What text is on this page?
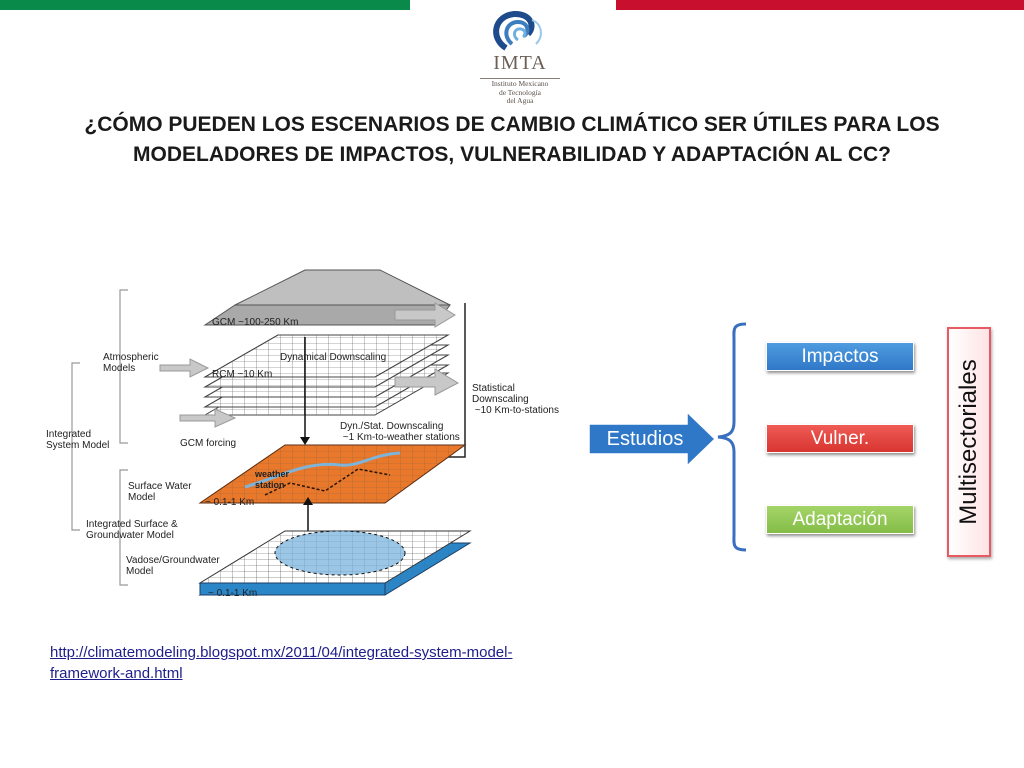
IMTA
Instituto Mexicano
de Tecnología
del Agua
¿CÓMO PUEDEN LOS ESCENARIOS DE CAMBIO CLIMÁTICO SER ÚTILES PARA LOS MODELADORES DE IMPACTOS, VULNERABILIDAD Y ADAPTACIÓN AL CC?
GCM ~100-250 Km
Dynamical Downscaling
Atmospheric
Models
RCM ~10 Km
Statistical
Downscaling
~10 Km-to-stations
Integrated
System Model	GCM forcing
Dyn./Stat. Downscaling
~1 Km-to-weather stations
weather
station
Surface Water
Model	~ 0.1-1 Km
Integrated Surface &
Groundwater Model
Vadose/Groundwater
Model
~ 0.1-1 Km
http://climatemodeling.blogspot.mx/2011/04/integrated-system-model-framework-and.html
Estudios
Impactos
Vulner.
Adaptación	Multisectoriales
